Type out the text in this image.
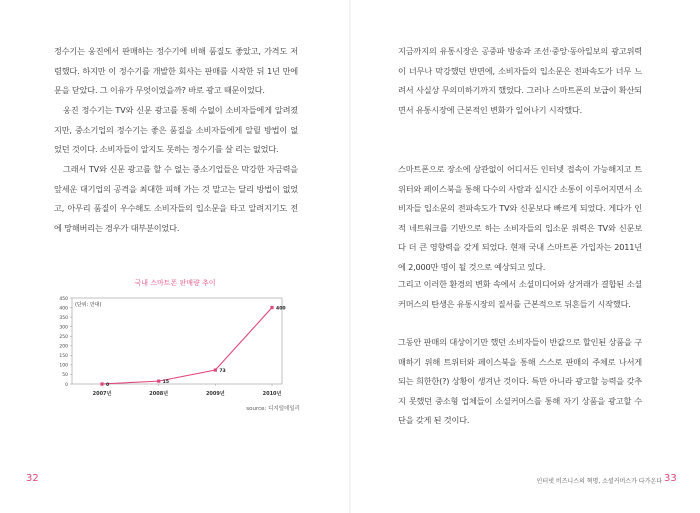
정수기는 웅진에서 판매하는 정수기에 비해 품질도 좋았고, 가격도 저렴했다. 하지만 이 정수기를 개발한 회사는 판매를 시작한 뒤 1년 만에 문을 닫았다. 그 이유가 무엇이었을까? 바로 광고 때문이었다.

웅진 정수기는 TV와 신문 광고를 통해 수없이 소비자들에게 알려졌지만, 중소기업의 정수기는 좋은 품질을 소비자들에게 알릴 방법이 없었던 것이다. 소비자들이 알지도 못하는 정수기를 살 리는 없었다.

그래서 TV와 신문 광고를 할 수 없는 중소기업들은 막강한 자금력을 앞세운 대기업의 공격을 최대한 피해 가는 것 말고는 달리 방법이 없었고, 아무리 품질이 우수해도 소비자들의 입소문을 타고 알려지기도 전에 망해버리는 경우가 대부분이었다.

국내 스마트폰 판매량 추이
0
50
100
150
200
250
300
350
400
450
(단위: 만대)
2007년	2008년	2009년	2010년
0
15
73
400
source: 디지털데일리
32

지금까지의 유통시장은 공중파 방송과 조선·중앙·동아일보의 광고위력이 너무나 막강했던 반면에, 소비자들의 입소문은 전파속도가 너무 느려서 사실상 무의미하기까지 했었다. 그러나 스마트폰의 보급이 확산되면서 유통시장에 근본적인 변화가 일어나기 시작했다.

스마트폰으로 장소에 상관없이 어디서든 인터넷 접속이 가능해지고 트위터와 페이스북을 통해 다수의 사람과 실시간 소통이 이루어지면서 소비자들 입소문의 전파속도가 TV와 신문보다 빠르게 되었다. 게다가 인적 네트워크를 기반으로 하는 소비자들의 입소문 위력은 TV와 신문보다 더 큰 영향력을 갖게 되었다. 현재 국내 스마트폰 가입자는 2011년에 2,000만 명이 될 것으로 예상되고 있다.

그리고 이러한 환경의 변화 속에서 소셜미디어와 상거래가 결합된 소셜커머스의 탄생은 유통시장의 질서를 근본적으로 뒤흔들기 시작했다.

그동안 판매의 대상이기만 했던 소비자들이 반값으로 할인된 상품을 구매하기 위해 트위터와 페이스북을 통해 스스로 판매의 주체로 나서게 되는 희한한(?) 상황이 생겨난 것이다. 특만 아니라 광고할 능력을 갖추지 못했던 중소형 업체들이 소셜커머스를 통해 자기 상품을 광고할 수단을 갖게 된 것이다.

인터넷 비즈니스의 혁명, 소셜커머스가 다가온다 33
